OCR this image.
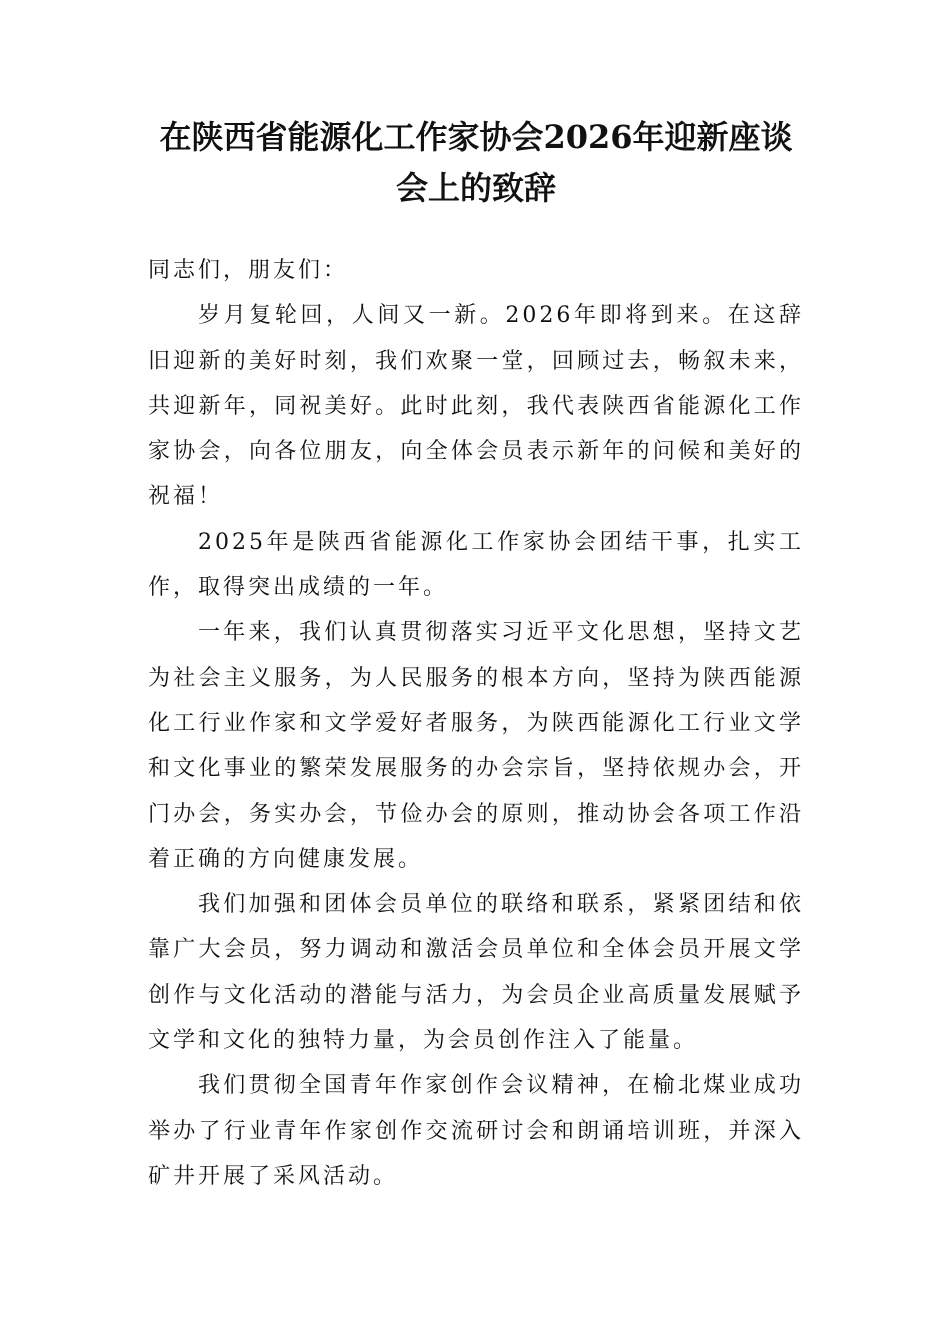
在陕西省能源化工作家协会2026年迎新座谈会上的致辞

同志们，朋友们：

岁月复轮回，人间又一新。2026年即将到来。在这辞旧迎新的美好时刻，我们欢聚一堂，回顾过去，畅叙未来，共迎新年，同祝美好。此时此刻，我代表陕西省能源化工作家协会，向各位朋友，向全体会员表示新年的问候和美好的祝福！

2025年是陕西省能源化工作家协会团结干事，扎实工作，取得突出成绩的一年。

一年来，我们认真贯彻落实习近平文化思想，坚持文艺为社会主义服务，为人民服务的根本方向，坚持为陕西能源化工行业作家和文学爱好者服务，为陕西能源化工行业文学和文化事业的繁荣发展服务的办会宗旨，坚持依规办会，开门办会，务实办会，节俭办会的原则，推动协会各项工作沿着正确的方向健康发展。

我们加强和团体会员单位的联络和联系，紧紧团结和依靠广大会员，努力调动和激活会员单位和全体会员开展文学创作与文化活动的潜能与活力，为会员企业高质量发展赋予文学和文化的独特力量，为会员创作注入了能量。

我们贯彻全国青年作家创作会议精神，在榆北煤业成功举办了行业青年作家创作交流研讨会和朗诵培训班，并深入矿井开展了采风活动。
